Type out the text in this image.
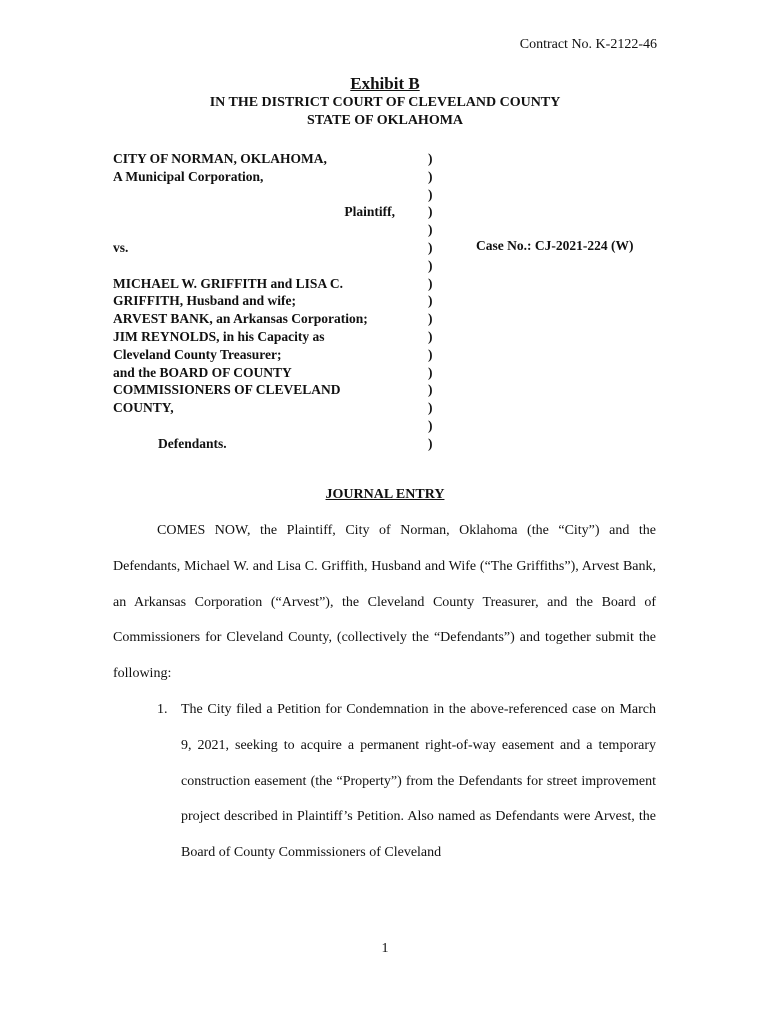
Contract No. K-2122-46
Exhibit B
IN THE DISTRICT COURT OF CLEVELAND COUNTY
STATE OF OKLAHOMA
CITY OF NORMAN, OKLAHOMA,
A Municipal Corporation,
Plaintiff,
vs.
MICHAEL W. GRIFFITH and LISA C.
GRIFFITH, Husband and wife;
ARVEST BANK, an Arkansas Corporation;
JIM REYNOLDS, in his Capacity as
Cleveland County Treasurer;
and the BOARD OF COUNTY
COMMISSIONERS OF CLEVELAND
COUNTY,
Defendants.
)
)
)
)
)
)
)
)
)
)
)
)
)
)
)
)
)
Case No.: CJ-2021-224 (W)
JOURNAL ENTRY
COMES NOW, the Plaintiff, City of Norman, Oklahoma (the “City”) and the Defendants, Michael W. and Lisa C. Griffith, Husband and Wife (“The Griffiths”), Arvest Bank, an Arkansas Corporation (“Arvest”), the Cleveland County Treasurer, and the Board of Commissioners for Cleveland County, (collectively the “Defendants”) and together submit the following:
1. The City filed a Petition for Condemnation in the above-referenced case on March 9, 2021, seeking to acquire a permanent right-of-way easement and a temporary construction easement (the “Property”) from the Defendants for street improvement project described in Plaintiff’s Petition. Also named as Defendants were Arvest, the Board of County Commissioners of Cleveland
1
